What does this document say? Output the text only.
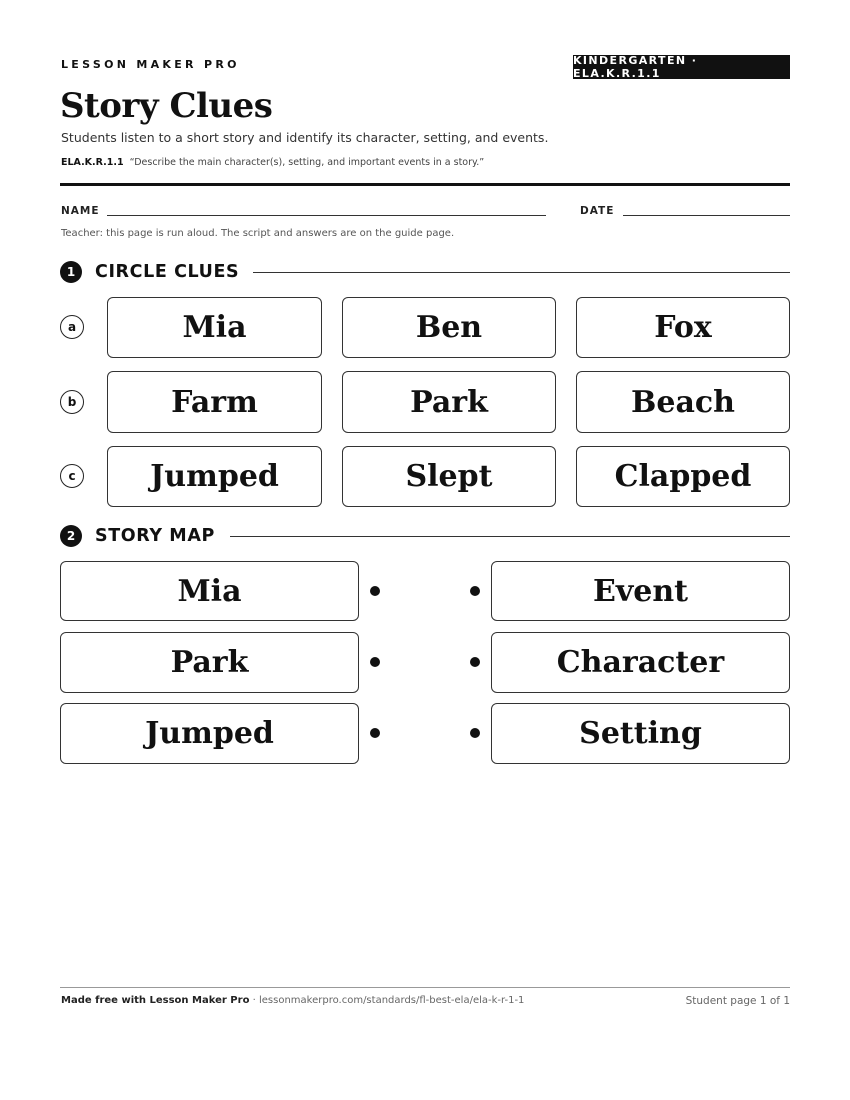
LESSON MAKER PRO	KINDERGARTEN · ELA.K.R.1.1
Story Clues
Students listen to a short story and identify its character, setting, and events.
ELA.K.R.1.1 “Describe the main character(s), setting, and important events in a story.”
NAME	DATE
Teacher: this page is run aloud. The script and answers are on the guide page.
1	CIRCLE CLUES
a	Mia	Ben	Fox
b	Farm	Park	Beach
c	Jumped	Slept	Clapped
2	STORY MAP
Mia	Event
Park	Character
Jumped	Setting
Made free with Lesson Maker Pro · lessonmakerpro.com/standards/fl-best-ela/ela-k-r-1-1	Student page 1 of 1
